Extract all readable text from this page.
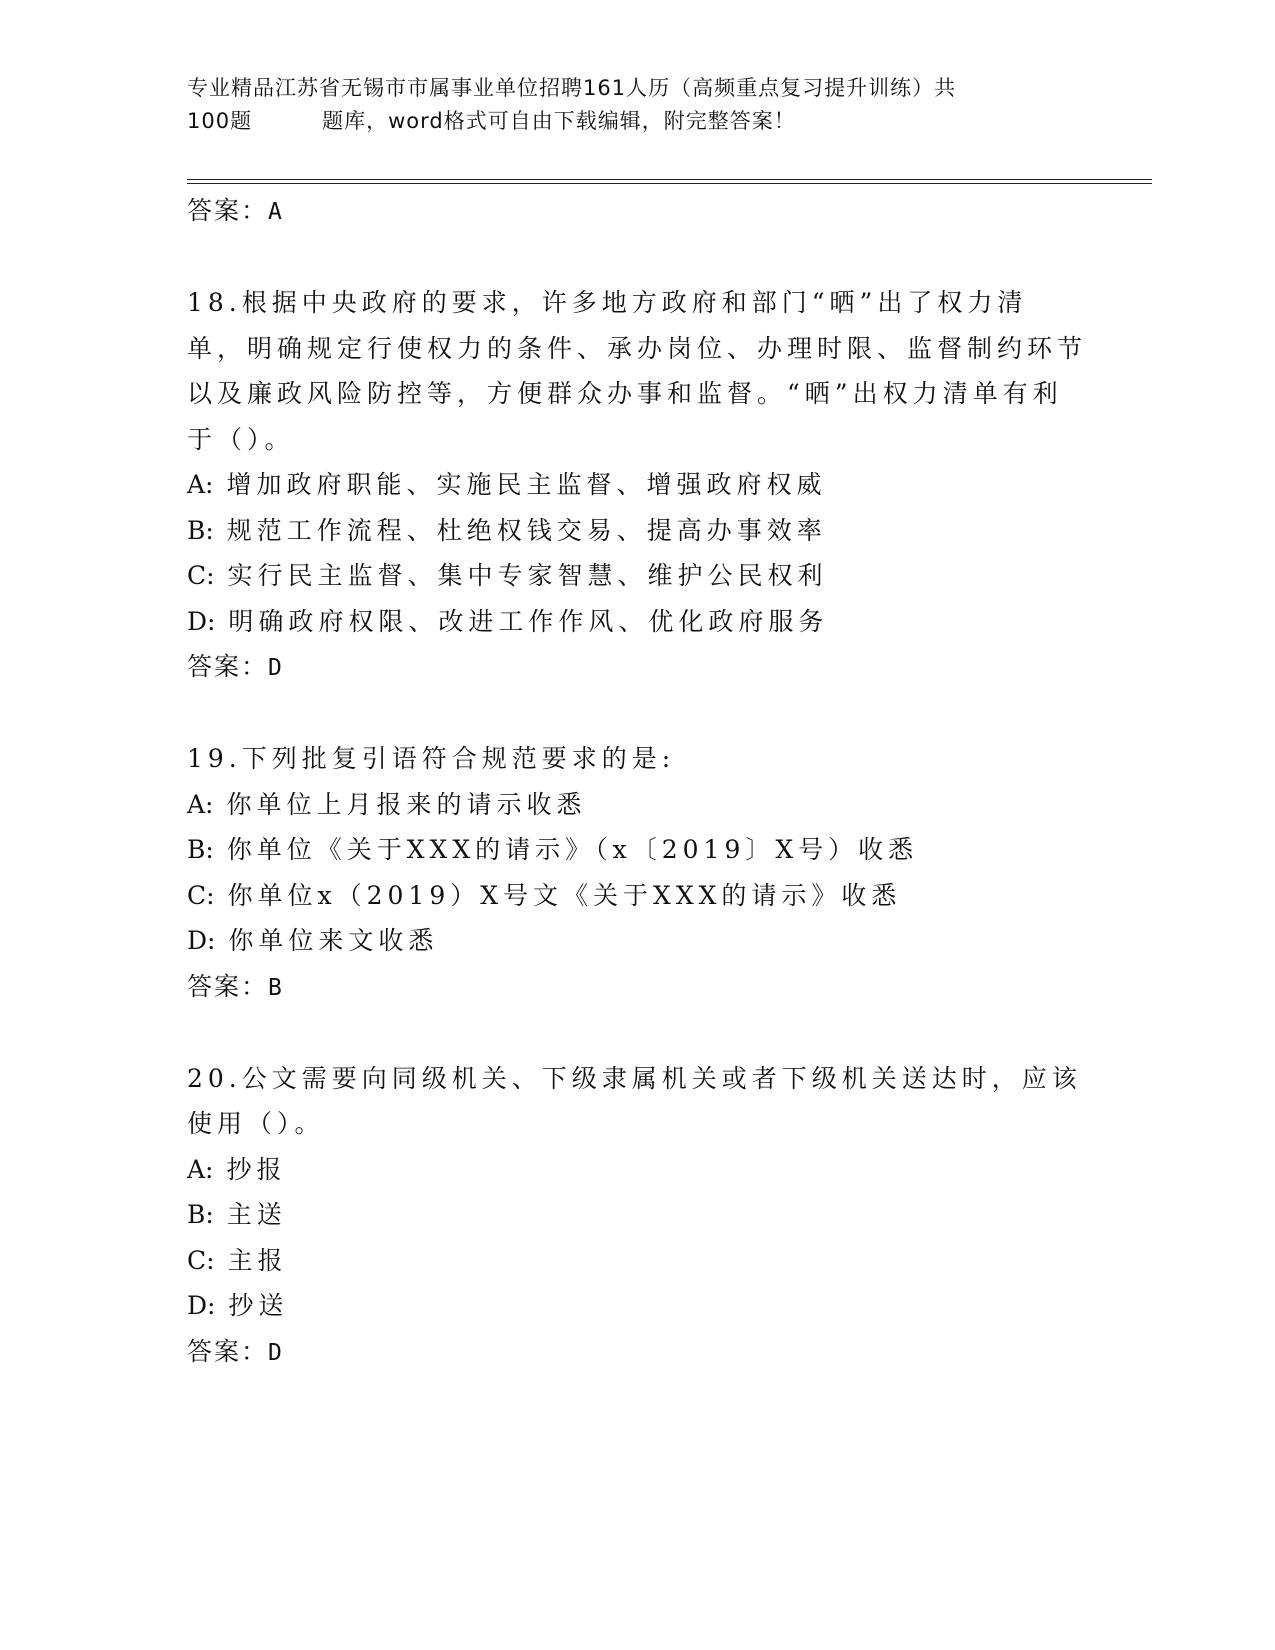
专业精品江苏省无锡市市属事业单位招聘161人历（高频重点复习提升训练）共
100题	题库，word格式可自由下载编辑，附完整答案！
答案：A
18.根据中央政府的要求，许多地方政府和部门“晒”出了权力清单，明确规定行使权力的条件、承办岗位、办理时限、监督制约环节以及廉政风险防控等，方便群众办事和监督。“晒”出权力清单有利于（）。
A: 增加政府职能、实施民主监督、增强政府权威
B: 规范工作流程、杜绝权钱交易、提高办事效率
C: 实行民主监督、集中专家智慧、维护公民权利
D: 明确政府权限、改进工作作风、优化政府服务
答案：D
19.下列批复引语符合规范要求的是:
A: 你单位上月报来的请示收悉
B: 你单位《关于XXX的请示》（x〔2019〕X号）收悉
C: 你单位x（2019）X号文《关于XXX的请示》收悉
D: 你单位来文收悉
答案：B
20.公文需要向同级机关、下级隶属机关或者下级机关送达时，应该使用（）。
A: 抄报
B: 主送
C: 主报
D: 抄送
答案：D
